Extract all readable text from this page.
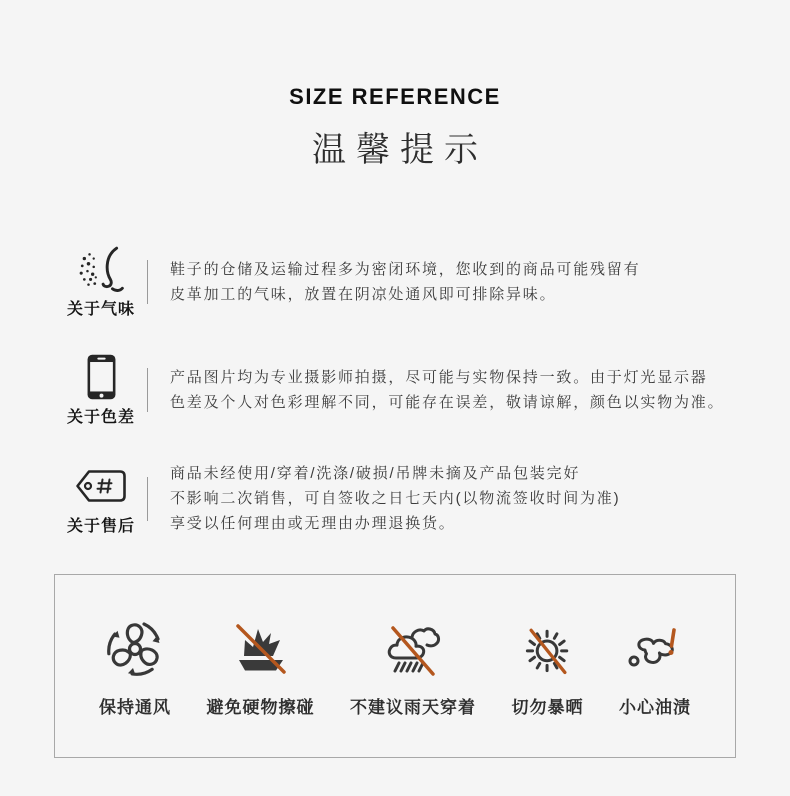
SIZE REFERENCE
温馨提示
关于气味
鞋子的仓储及运输过程多为密闭环境，您收到的商品可能残留有
皮革加工的气味，放置在阴凉处通风即可排除异味。
关于色差
产品图片均为专业摄影师拍摄，尽可能与实物保持一致。由于灯光显示器
色差及个人对色彩理解不同，可能存在误差，敬请谅解，颜色以实物为准。
关于售后
商品未经使用/穿着/洗涤/破损/吊牌未摘及产品包装完好
不影响二次销售，可自签收之日七天内(以物流签收时间为准)
享受以任何理由或无理由办理退换货。
保持通风 避免硬物擦碰 不建议雨天穿着 切勿暴晒 小心油渍
